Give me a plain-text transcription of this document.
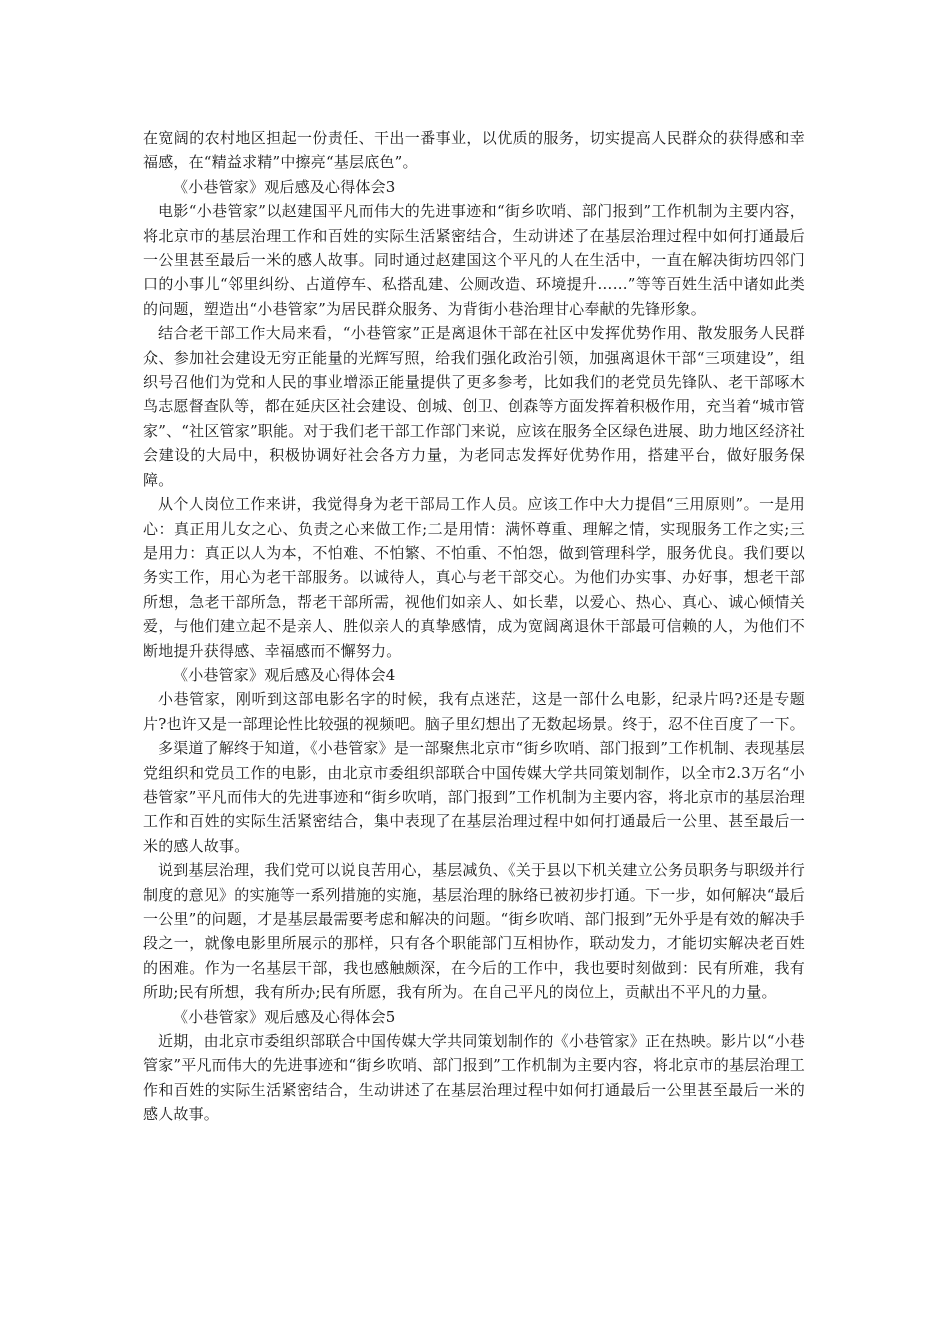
在宽阔的农村地区担起一份责任、干出一番事业，以优质的服务，切实提高人民群众的获得感和幸福感，在“精益求精”中擦亮“基层底色”。

《小巷管家》观后感及心得体会3

电影“小巷管家”以赵建国平凡而伟大的先进事迹和“街乡吹哨、部门报到”工作机制为主要内容，将北京市的基层治理工作和百姓的实际生活紧密结合，生动讲述了在基层治理过程中如何打通最后一公里甚至最后一米的感人故事。同时通过赵建国这个平凡的人在生活中，一直在解决街坊四邻门口的小事儿“邻里纠纷、占道停车、私搭乱建、公厕改造、环境提升……”等等百姓生活中诸如此类的问题，塑造出“小巷管家”为居民群众服务、为背街小巷治理甘心奉献的先锋形象。

结合老干部工作大局来看，“小巷管家”正是离退休干部在社区中发挥优势作用、散发服务人民群众、参加社会建设无穷正能量的光辉写照，给我们强化政治引领，加强离退休干部“三项建设”，组织号召他们为党和人民的事业增添正能量提供了更多参考，比如我们的老党员先锋队、老干部啄木鸟志愿督查队等，都在延庆区社会建设、创城、创卫、创森等方面发挥着积极作用，充当着“城市管家”、“社区管家”职能。对于我们老干部工作部门来说，应该在服务全区绿色进展、助力地区经济社会建设的大局中，积极协调好社会各方力量，为老同志发挥好优势作用，搭建平台，做好服务保障。

从个人岗位工作来讲，我觉得身为老干部局工作人员。应该工作中大力提倡“三用原则”。一是用心：真正用儿女之心、负责之心来做工作;二是用情：满怀尊重、理解之情，实现服务工作之实;三是用力：真正以人为本，不怕难、不怕繁、不怕重、不怕怨，做到管理科学，服务优良。我们要以务实工作，用心为老干部服务。以诚待人，真心与老干部交心。为他们办实事、办好事，想老干部所想，急老干部所急，帮老干部所需，视他们如亲人、如长辈，以爱心、热心、真心、诚心倾情关爱，与他们建立起不是亲人、胜似亲人的真挚感情，成为宽阔离退休干部最可信赖的人，为他们不断地提升获得感、幸福感而不懈努力。

《小巷管家》观后感及心得体会4

小巷管家，刚听到这部电影名字的时候，我有点迷茫，这是一部什么电影，纪录片吗?还是专题片?也许又是一部理论性比较强的视频吧。脑子里幻想出了无数起场景。终于，忍不住百度了一下。

多渠道了解终于知道，《小巷管家》是一部聚焦北京市“街乡吹哨、部门报到”工作机制、表现基层党组织和党员工作的电影，由北京市委组织部联合中国传媒大学共同策划制作，以全市2.3万名“小巷管家”平凡而伟大的先进事迹和“街乡吹哨，部门报到”工作机制为主要内容，将北京市的基层治理工作和百姓的实际生活紧密结合，集中表现了在基层治理过程中如何打通最后一公里、甚至最后一米的感人故事。

说到基层治理，我们党可以说良苦用心，基层减负、《关于县以下机关建立公务员职务与职级并行制度的意见》的实施等一系列措施的实施，基层治理的脉络已被初步打通。下一步，如何解决“最后一公里”的问题，才是基层最需要考虑和解决的问题。“街乡吹哨、部门报到”无外乎是有效的解决手段之一，就像电影里所展示的那样，只有各个职能部门互相协作，联动发力，才能切实解决老百姓的困难。作为一名基层干部，我也感触颇深，在今后的工作中，我也要时刻做到：民有所难，我有所助;民有所想，我有所办;民有所愿，我有所为。在自己平凡的岗位上，贡献出不平凡的力量。

《小巷管家》观后感及心得体会5

近期，由北京市委组织部联合中国传媒大学共同策划制作的《小巷管家》正在热映。影片以“小巷管家”平凡而伟大的先进事迹和“街乡吹哨、部门报到”工作机制为主要内容，将北京市的基层治理工作和百姓的实际生活紧密结合，生动讲述了在基层治理过程中如何打通最后一公里甚至最后一米的感人故事。
